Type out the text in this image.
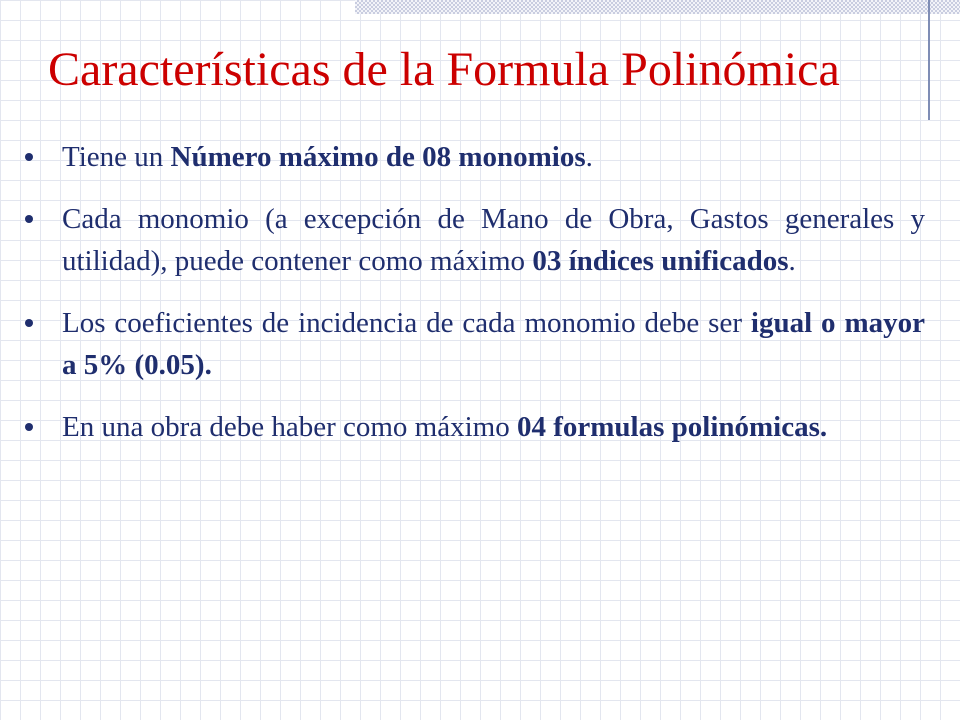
Características de la Formula Polinómica
Tiene un Número máximo de 08 monomios.
Cada monomio (a excepción de Mano de Obra, Gastos generales y utilidad), puede contener como máximo 03 índices unificados.
Los coeficientes de incidencia de cada monomio debe ser igual o mayor a 5% (0.05).
En una obra debe haber como máximo 04 formulas polinómicas.
